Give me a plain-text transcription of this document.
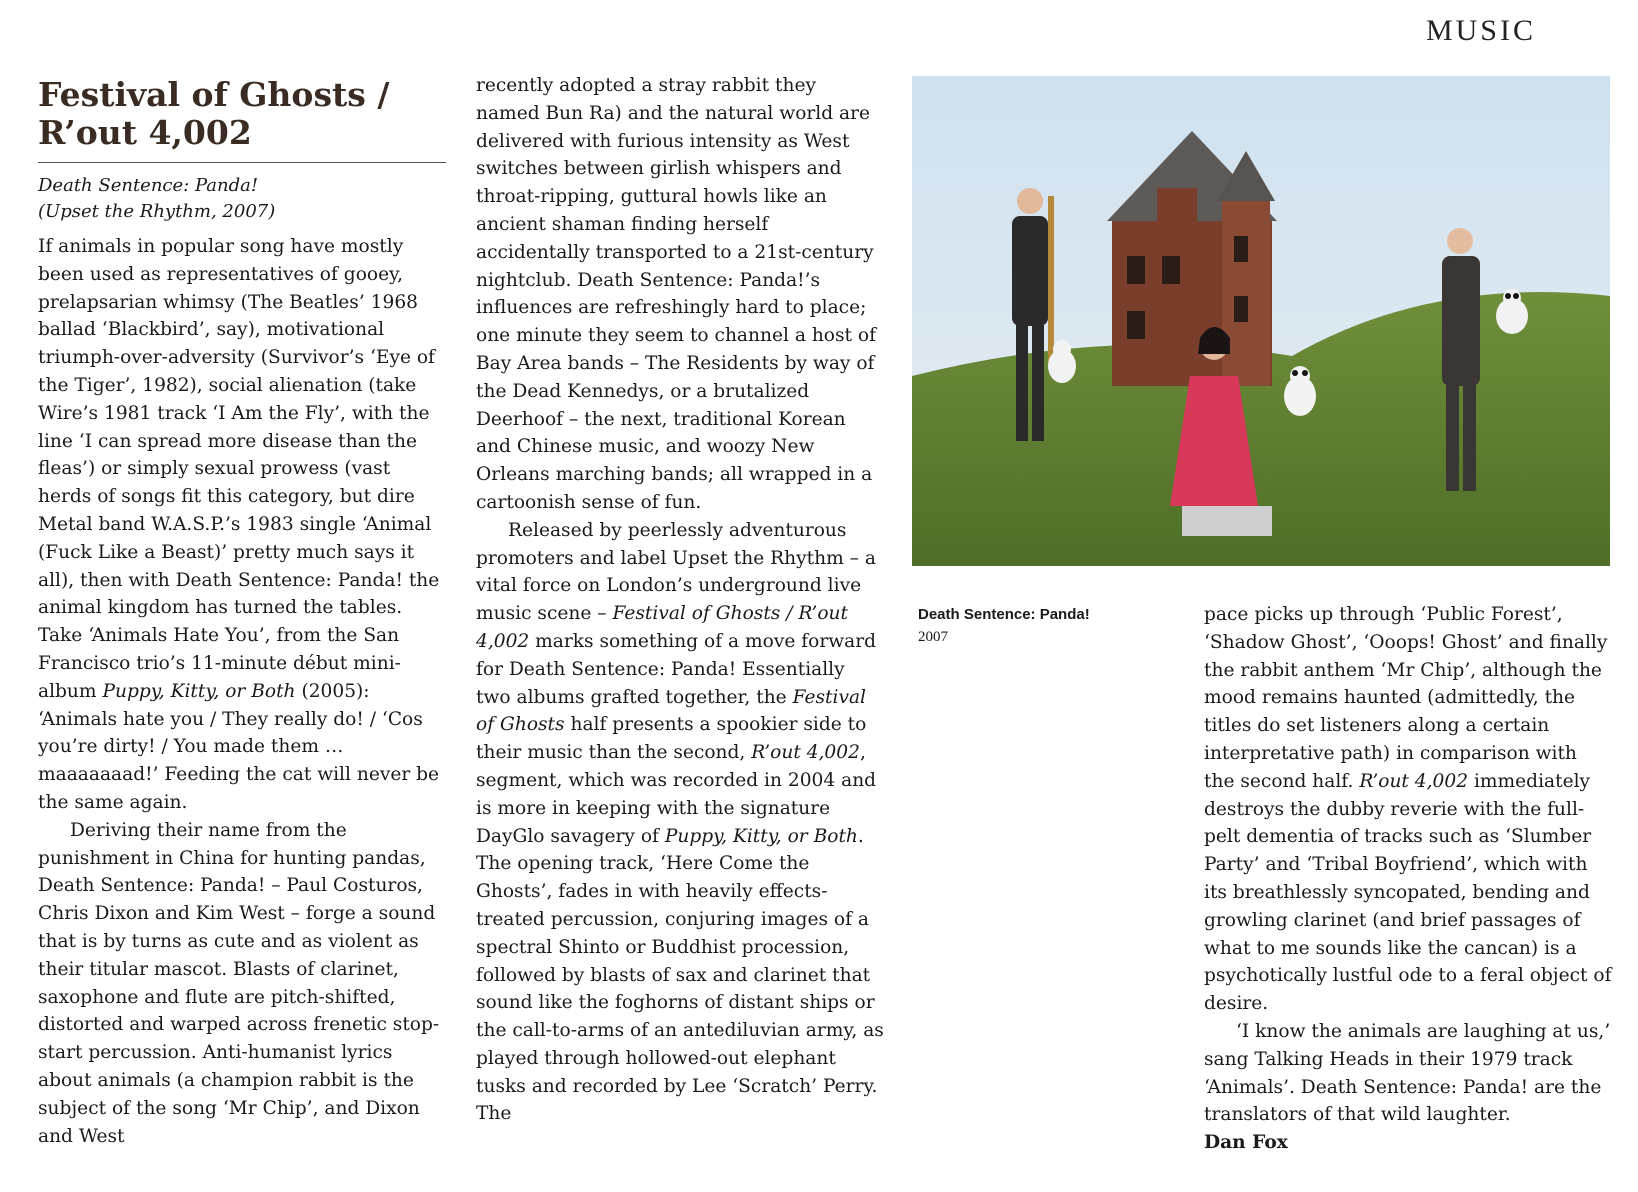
MUSIC
Festival of Ghosts /
R’out 4,002
Death Sentence: Panda!
(Upset the Rhythm, 2007)

If animals in popular song have mostly been used as representatives of gooey, prelapsarian whimsy (The Beatles’ 1968 ballad ‘Blackbird’, say), motivational triumph-over-adversity (Survivor’s ‘Eye of the Tiger’, 1982), social alienation (take Wire’s 1981 track ‘I Am the Fly’, with the line ‘I can spread more disease than the fleas’) or simply sexual prowess (vast herds of songs fit this category, but dire Metal band W.A.S.P.’s 1983 single ‘Animal (Fuck Like a Beast)’ pretty much says it all), then with Death Sentence: Panda! the animal kingdom has turned the tables. Take ‘Animals Hate You’, from the San Francisco trio’s 11-minute début mini-album Puppy, Kitty, or Both (2005): ‘Animals hate you / They really do! / ‘Cos you’re dirty! / You made them … maaaaaaad!’ Feeding the cat will never be the same again.

Deriving their name from the punishment in China for hunting pandas, Death Sentence: Panda! – Paul Costuros, Chris Dixon and Kim West – forge a sound that is by turns as cute and as violent as their titular mascot. Blasts of clarinet, saxophone and flute are pitch-shifted, distorted and warped across frenetic stop-start percussion. Anti-humanist lyrics about animals (a champion rabbit is the subject of the song ‘Mr Chip’, and Dixon and West

recently adopted a stray rabbit they named Bun Ra) and the natural world are delivered with furious intensity as West switches between girlish whispers and throat-ripping, guttural howls like an ancient shaman finding herself accidentally transported to a 21st-century nightclub. Death Sentence: Panda!’s influences are refreshingly hard to place; one minute they seem to channel a host of Bay Area bands – The Residents by way of the Dead Kennedys, or a brutalized Deerhoof – the next, traditional Korean and Chinese music, and woozy New Orleans marching bands; all wrapped in a cartoonish sense of fun.

Released by peerlessly adventurous promoters and label Upset the Rhythm – a vital force on London’s underground live music scene – Festival of Ghosts / R’out 4,002 marks something of a move forward for Death Sentence: Panda! Essentially two albums grafted together, the Festival of Ghosts half presents a spookier side to their music than the second, R’out 4,002, segment, which was recorded in 2004 and is more in keeping with the signature DayGlo savagery of Puppy, Kitty, or Both. The opening track, ‘Here Come the Ghosts’, fades in with heavily effects-treated percussion, conjuring images of a spectral Shinto or Buddhist procession, followed by blasts of sax and clarinet that sound like the foghorns of distant ships or the call-to-arms of an antediluvian army, as played through hollowed-out elephant tusks and recorded by Lee ‘Scratch’ Perry. The

Death Sentence: Panda!
2007

pace picks up through ‘Public Forest’, ‘Shadow Ghost’, ‘Ooops! Ghost’ and finally the rabbit anthem ‘Mr Chip’, although the mood remains haunted (admittedly, the titles do set listeners along a certain interpretative path) in comparison with the second half. R’out 4,002 immediately destroys the dubby reverie with the full-pelt dementia of tracks such as ‘Slumber Party’ and ‘Tribal Boyfriend’, which with its breathlessly syncopated, bending and growling clarinet (and brief passages of what to me sounds like the cancan) is a psychotically lustful ode to a feral object of desire.

‘I know the animals are laughing at us,’ sang Talking Heads in their 1979 track ‘Animals’. Death Sentence: Panda! are the translators of that wild laughter.

Dan Fox
